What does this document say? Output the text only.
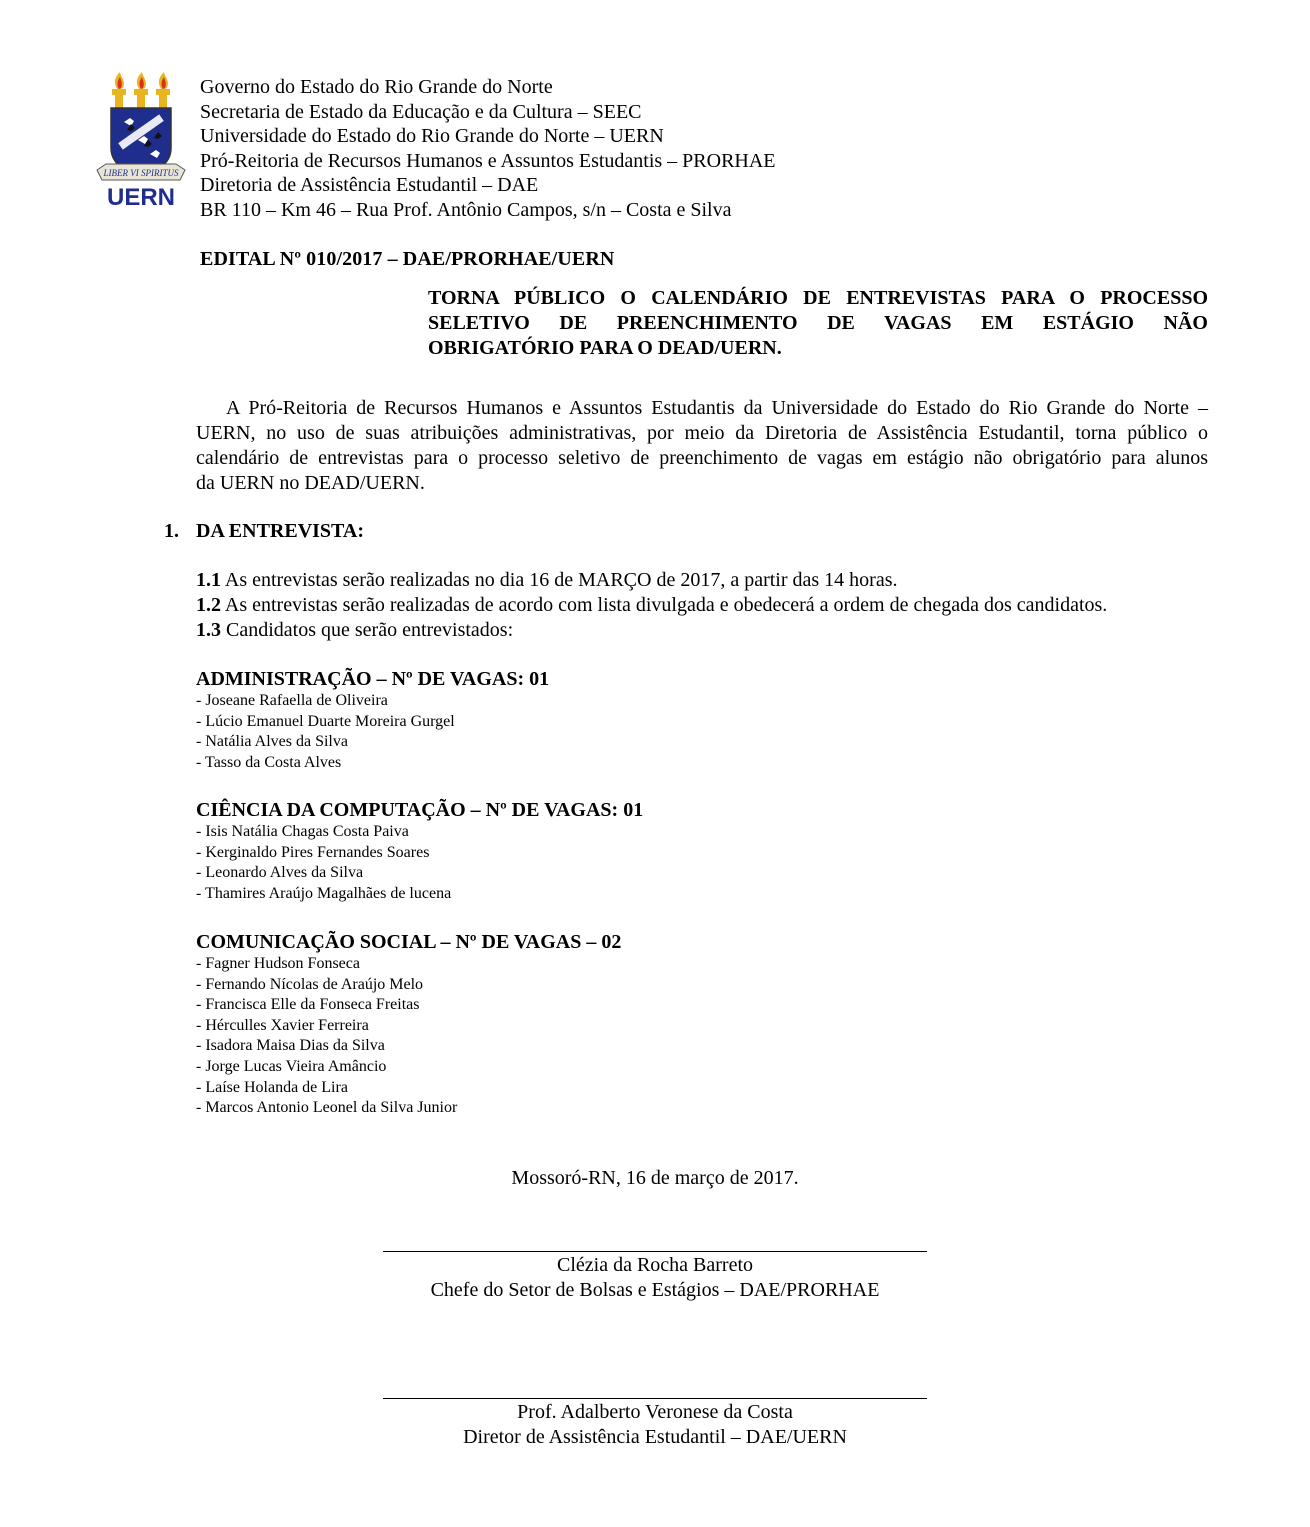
LIBER VI SPIRITUS
UERN
Governo do Estado do Rio Grande do Norte
Secretaria de Estado da Educação e da Cultura – SEEC
Universidade do Estado do Rio Grande do Norte – UERN
Pró-Reitoria de Recursos Humanos e Assuntos Estudantis – PRORHAE
Diretoria de Assistência Estudantil – DAE
BR 110 – Km 46 – Rua Prof. Antônio Campos, s/n – Costa e Silva
EDITAL Nº 010/2017 – DAE/PRORHAE/UERN
TORNA PÚBLICO O CALENDÁRIO DE ENTREVISTAS PARA O PROCESSO
SELETIVO DE PREENCHIMENTO DE VAGAS EM ESTÁGIO NÃO
OBRIGATÓRIO PARA O DEAD/UERN.
A Pró-Reitoria de Recursos Humanos e Assuntos Estudantis da Universidade do Estado do Rio Grande do Norte –
UERN, no uso de suas atribuições administrativas, por meio da Diretoria de Assistência Estudantil, torna público o
calendário de entrevistas para o processo seletivo de preenchimento de vagas em estágio não obrigatório para alunos
da UERN no DEAD/UERN.
1. DA ENTREVISTA:
1.1 As entrevistas serão realizadas no dia 16 de MARÇO de 2017, a partir das 14 horas.
1.2 As entrevistas serão realizadas de acordo com lista divulgada e obedecerá a ordem de chegada dos candidatos.
1.3 Candidatos que serão entrevistados:
ADMINISTRAÇÃO – Nº DE VAGAS: 01
- Joseane Rafaella de Oliveira
- Lúcio Emanuel Duarte Moreira Gurgel
- Natália Alves da Silva
- Tasso da Costa Alves
CIÊNCIA DA COMPUTAÇÃO – Nº DE VAGAS: 01
- Isis Natália Chagas Costa Paiva
- Kerginaldo Pires Fernandes Soares
- Leonardo Alves da Silva
- Thamires Araújo Magalhães de lucena
COMUNICAÇÃO SOCIAL – Nº DE VAGAS – 02
- Fagner Hudson Fonseca
- Fernando Nícolas de Araújo Melo
- Francisca Elle da Fonseca Freitas
- Hérculles Xavier Ferreira
- Isadora Maisa Dias da Silva
- Jorge Lucas Vieira Amâncio
- Laíse Holanda de Lira
- Marcos Antonio Leonel da Silva Junior
Mossoró-RN, 16 de março de 2017.
Clézia da Rocha Barreto
Chefe do Setor de Bolsas e Estágios – DAE/PRORHAE
Prof. Adalberto Veronese da Costa
Diretor de Assistência Estudantil – DAE/UERN
